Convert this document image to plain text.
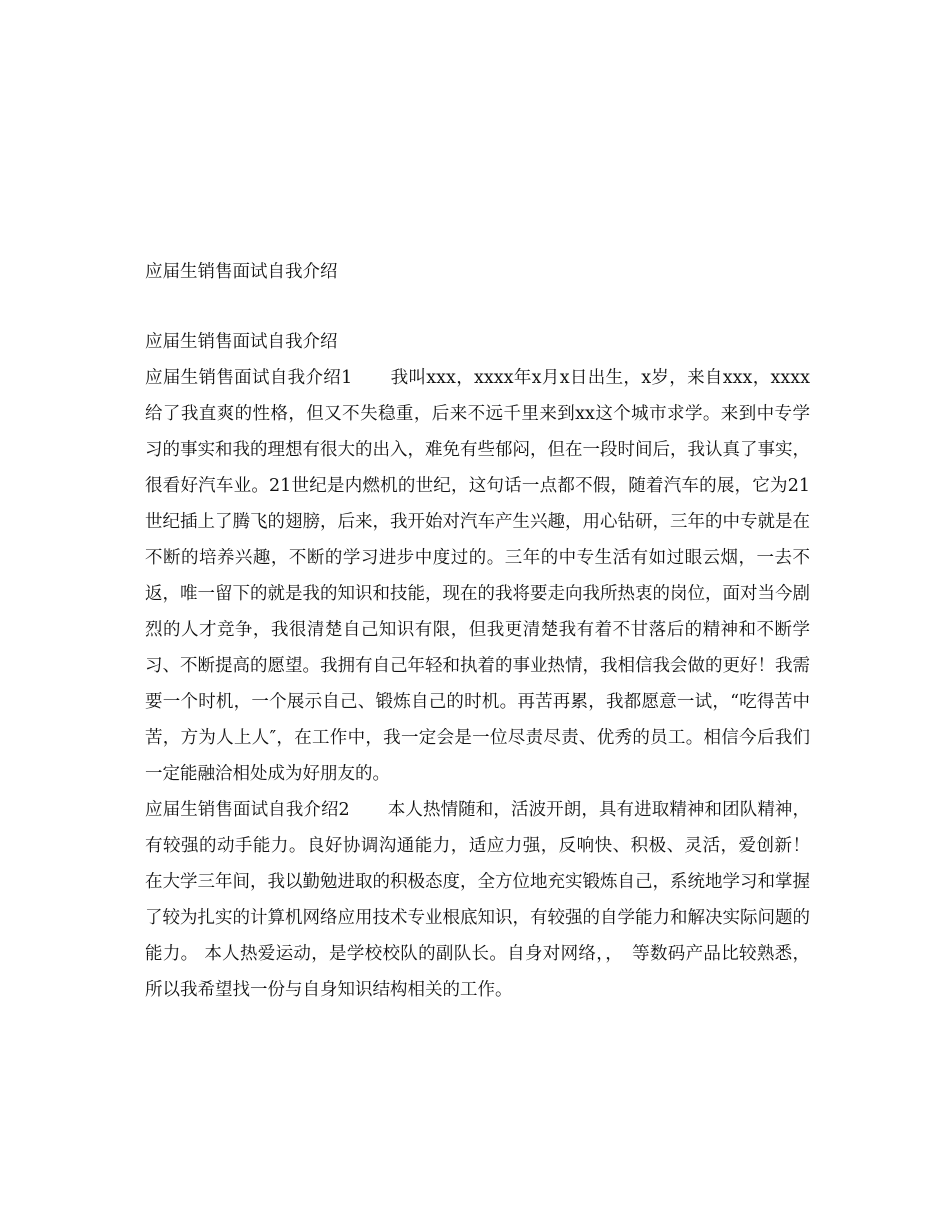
应届生销售面试自我介绍
应届生销售面试自我介绍

应届生销售面试自我介绍1 我叫xxx，xxxx年x月x日出生，x岁，来自xxx，xxxx给了我直爽的性格，但又不失稳重，后来不远千里来到xx这个城市求学。来到中专学习的事实和我的理想有很大的出入，难免有些郁闷，但在一段时间后，我认真了事实，很看好汽车业。21世纪是内燃机的世纪，这句话一点都不假，随着汽车的展，它为21世纪插上了腾飞的翅膀，后来，我开始对汽车产生兴趣，用心钻研，三年的中专就是在不断的培养兴趣，不断的学习进步中度过的。三年的中专生活有如过眼云烟，一去不返，唯一留下的就是我的知识和技能，现在的我将要走向我所热衷的岗位，面对当今剧烈的人才竞争，我很清楚自己知识有限，但我更清楚我有着不甘落后的精神和不断学习、不断提高的愿望。我拥有自己年轻和执着的事业热情，我相信我会做的更好！我需要一个时机，一个展示自己、锻炼自己的时机。再苦再累，我都愿意一试，“吃得苦中苦，方为人上人″，在工作中，我一定会是一位尽责尽责、优秀的员工。相信今后我们一定能融洽相处成为好朋友的。

应届生销售面试自我介绍2 本人热情随和，活波开朗，具有进取精神和团队精神，有较强的动手能力。良好协调沟通能力，适应力强，反响快、积极、灵活，爱创新！ 在大学三年间，我以勤勉进取的积极态度，全方位地充实锻炼自己，系统地学习和掌握了较为扎实的计算机网络应用技术专业根底知识，有较强的自学能力和解决实际问题的能力。 本人热爱运动，是学校校队的副队长。自身对网络，，　等数码产品比较熟悉，所以我希望找一份与自身知识结构相关的工作。
